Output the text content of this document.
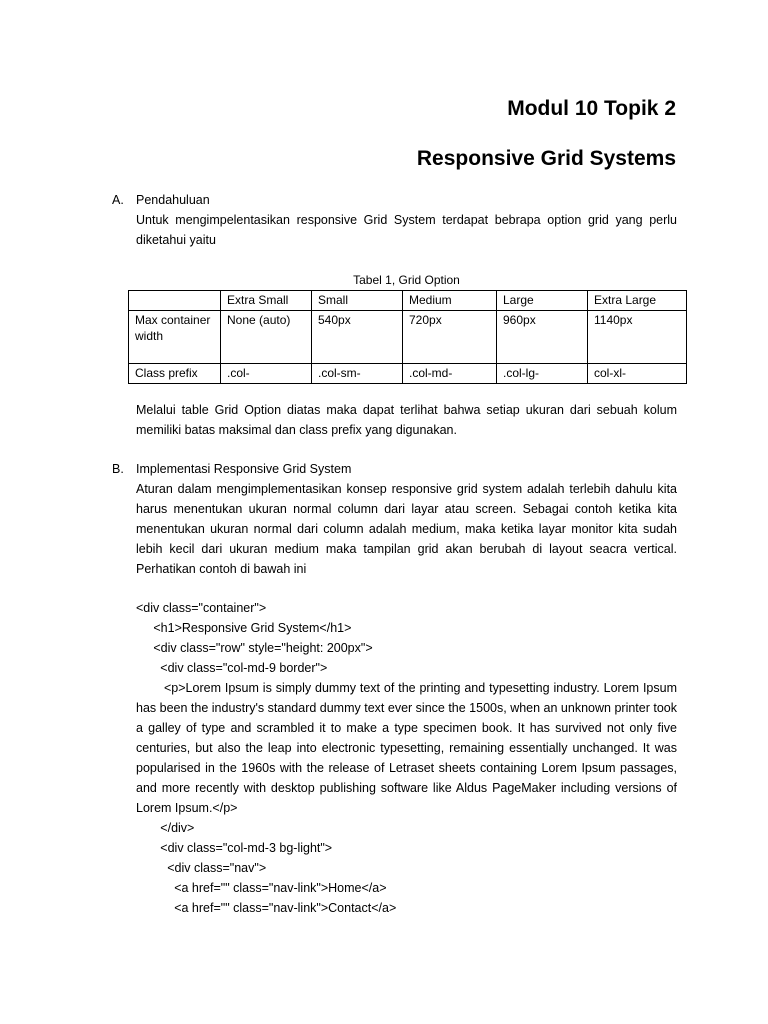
Modul 10 Topik 2
Responsive Grid Systems
A. Pendahuluan
Untuk mengimpelentasikan responsive Grid System terdapat bebrapa option grid yang perlu diketahui yaitu
Tabel 1, Grid Option
	Extra Small	Small	Medium	Large	Extra Large
Max container width	None (auto)	540px	720px	960px	1140px
Class prefix	.col-	.col-sm-	.col-md-	.col-lg-	col-xl-
Melalui table Grid Option diatas maka dapat terlihat bahwa setiap ukuran dari sebuah kolum memiliki batas maksimal dan class prefix yang digunakan.
B. Implementasi Responsive Grid System
Aturan dalam mengimplementasikan konsep responsive grid system adalah terlebih dahulu kita harus menentukan ukuran normal column dari layar atau screen. Sebagai contoh ketika kita menentukan ukuran normal dari column adalah medium, maka ketika layar monitor kita sudah lebih kecil dari ukuran medium maka tampilan grid akan berubah di layout seacra vertical. Perhatikan contoh di bawah ini
<div class="container">
<h1>Responsive Grid System</h1>
<div class="row" style="height: 200px">
<div class="col-md-9 border">
<p>Lorem Ipsum is simply dummy text of the printing and typesetting industry. Lorem Ipsum has been the industry's standard dummy text ever since the 1500s, when an unknown printer took a galley of type and scrambled it to make a type specimen book. It has survived not only five centuries, but also the leap into electronic typesetting, remaining essentially unchanged. It was popularised in the 1960s with the release of Letraset sheets containing Lorem Ipsum passages, and more recently with desktop publishing software like Aldus PageMaker including versions of Lorem Ipsum.</p>
</div>
<div class="col-md-3 bg-light">
<div class="nav">
<a href="" class="nav-link">Home</a>
<a href="" class="nav-link">Contact</a>
